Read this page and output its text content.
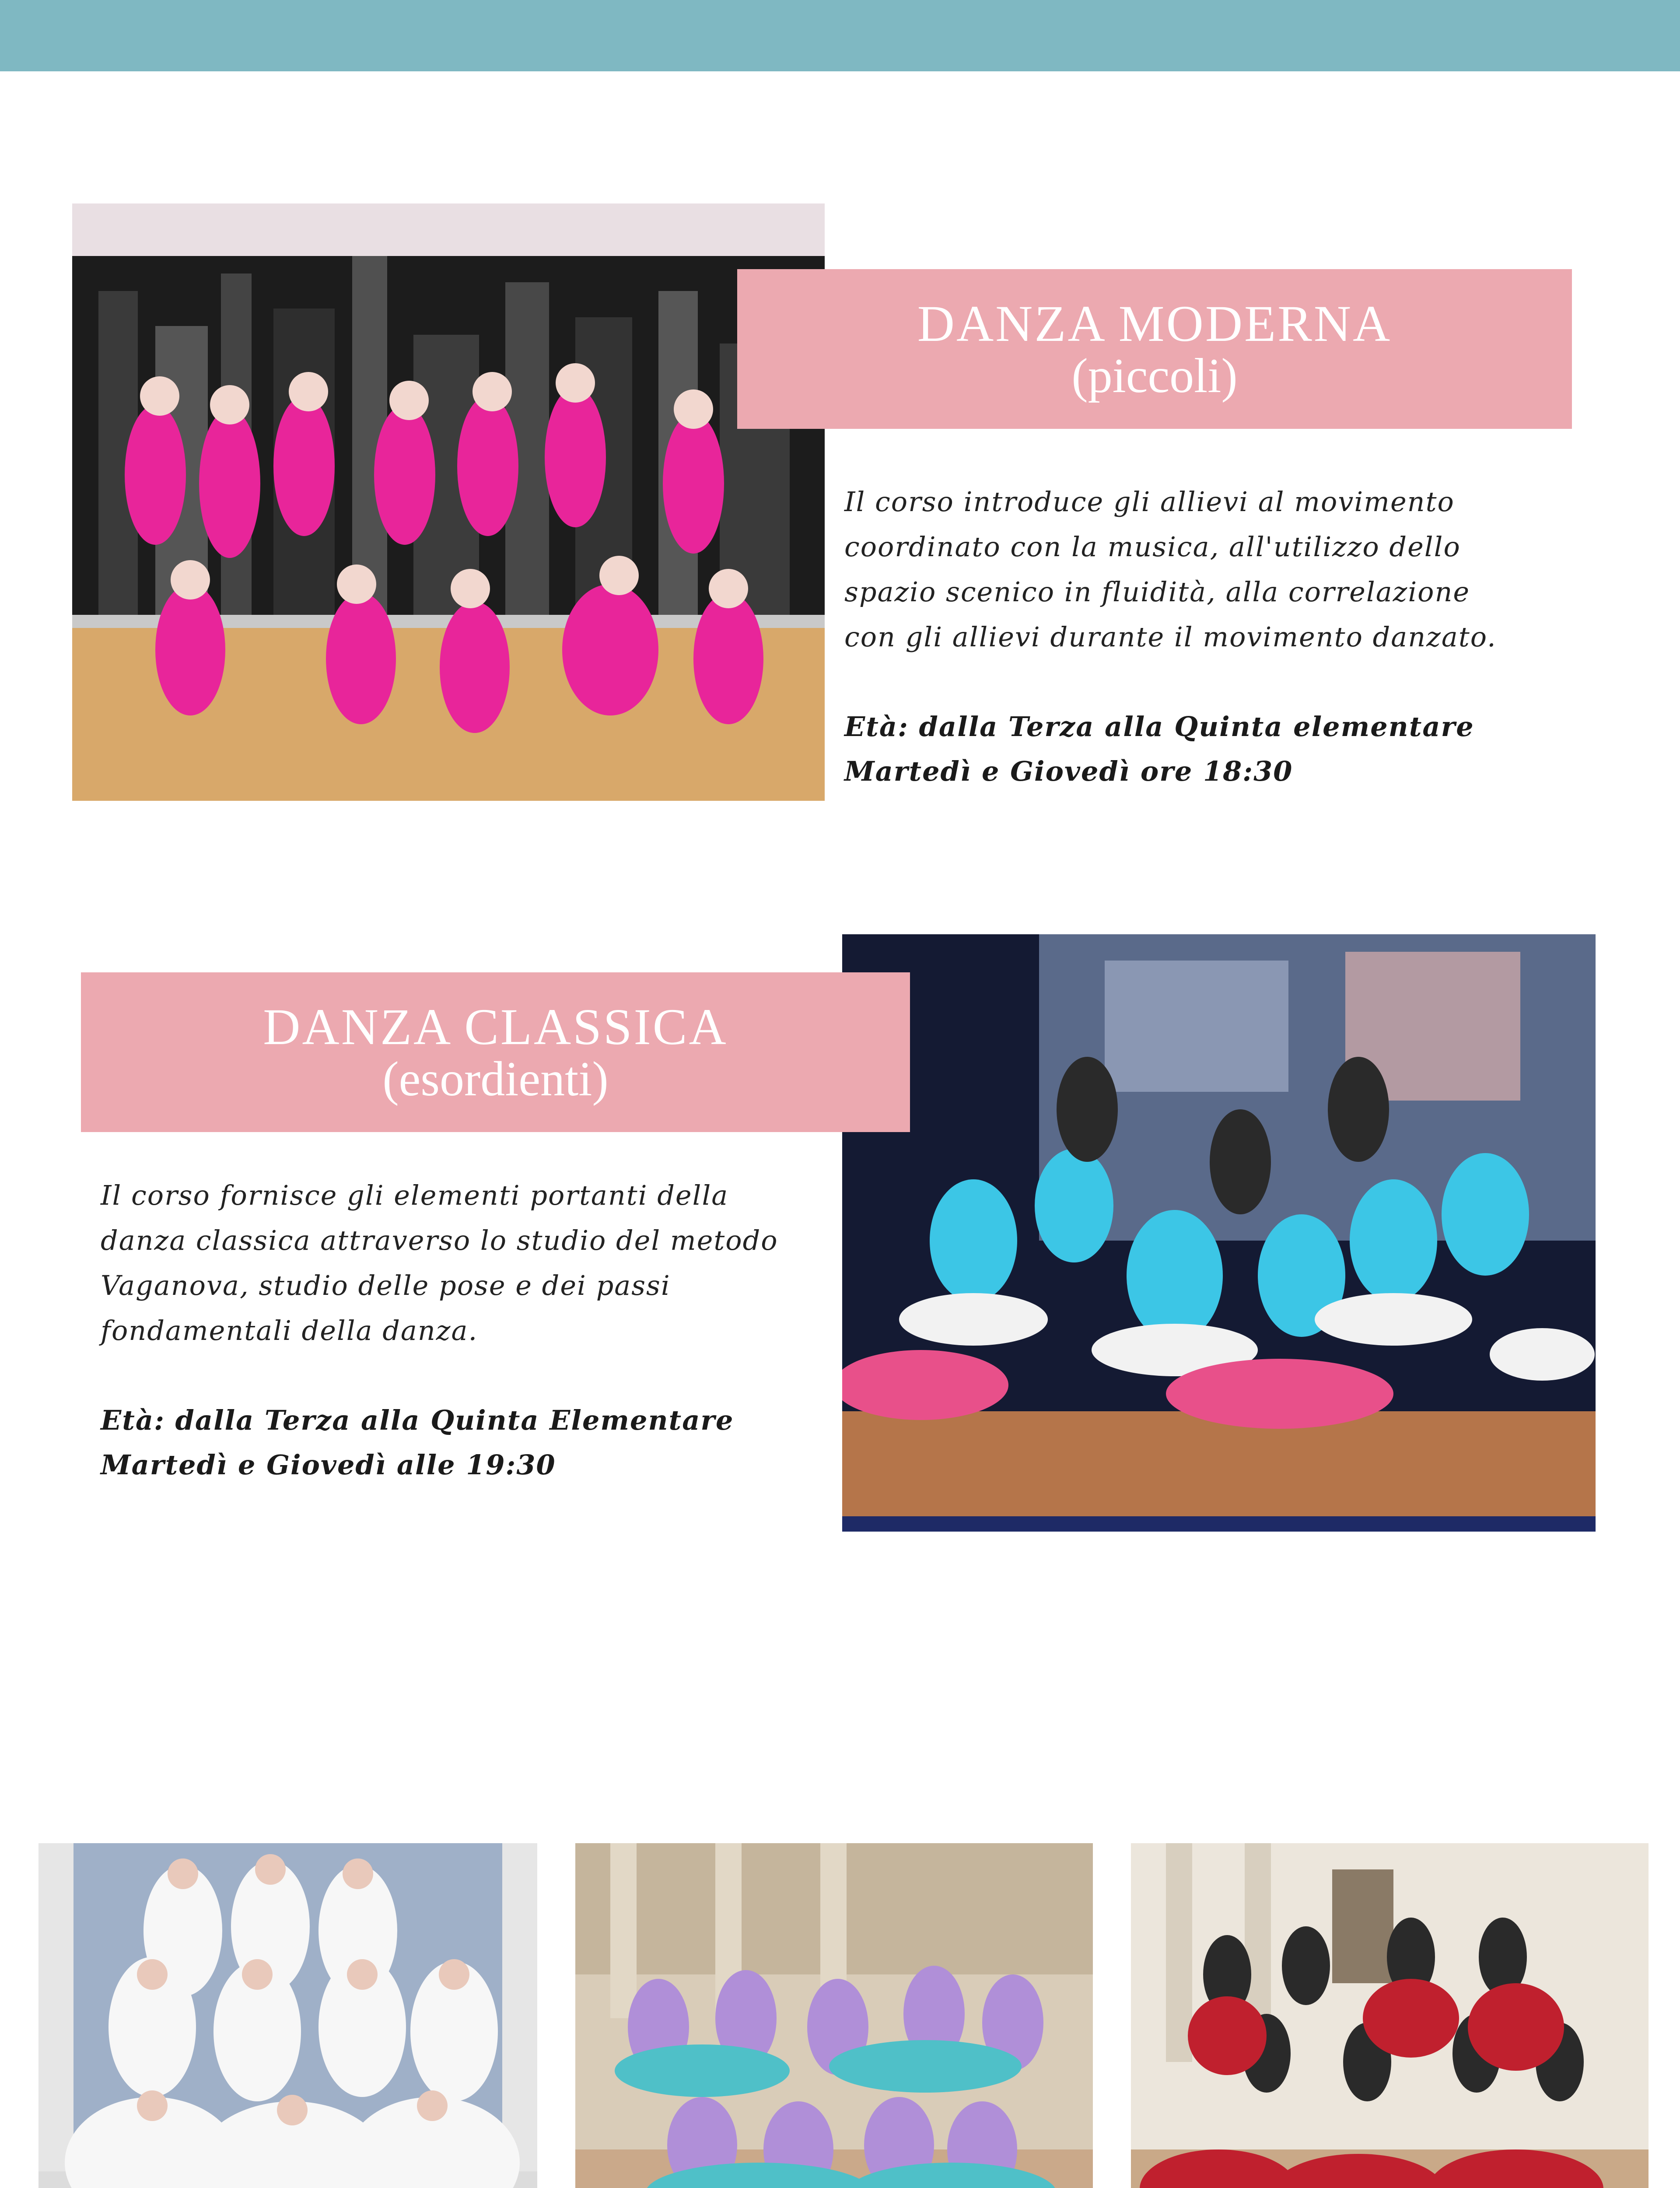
DANZA MODERNA
(piccoli)

Il corso introduce gli allievi al movimento

coordinato con la musica, all'utilizzo dello

spazio scenico in fluidità, alla correlazione

con gli allievi durante il movimento danzato.

Età: dalla Terza alla Quinta elementare

Martedì e Giovedì ore 18:30

DANZA CLASSICA
(esordienti)

Il corso fornisce gli elementi portanti della

danza classica attraverso lo studio del metodo

Vaganova, studio delle pose e dei passi

fondamentali della danza.

Età: dalla Terza alla Quinta Elementare

Martedì e Giovedì alle 19:30
